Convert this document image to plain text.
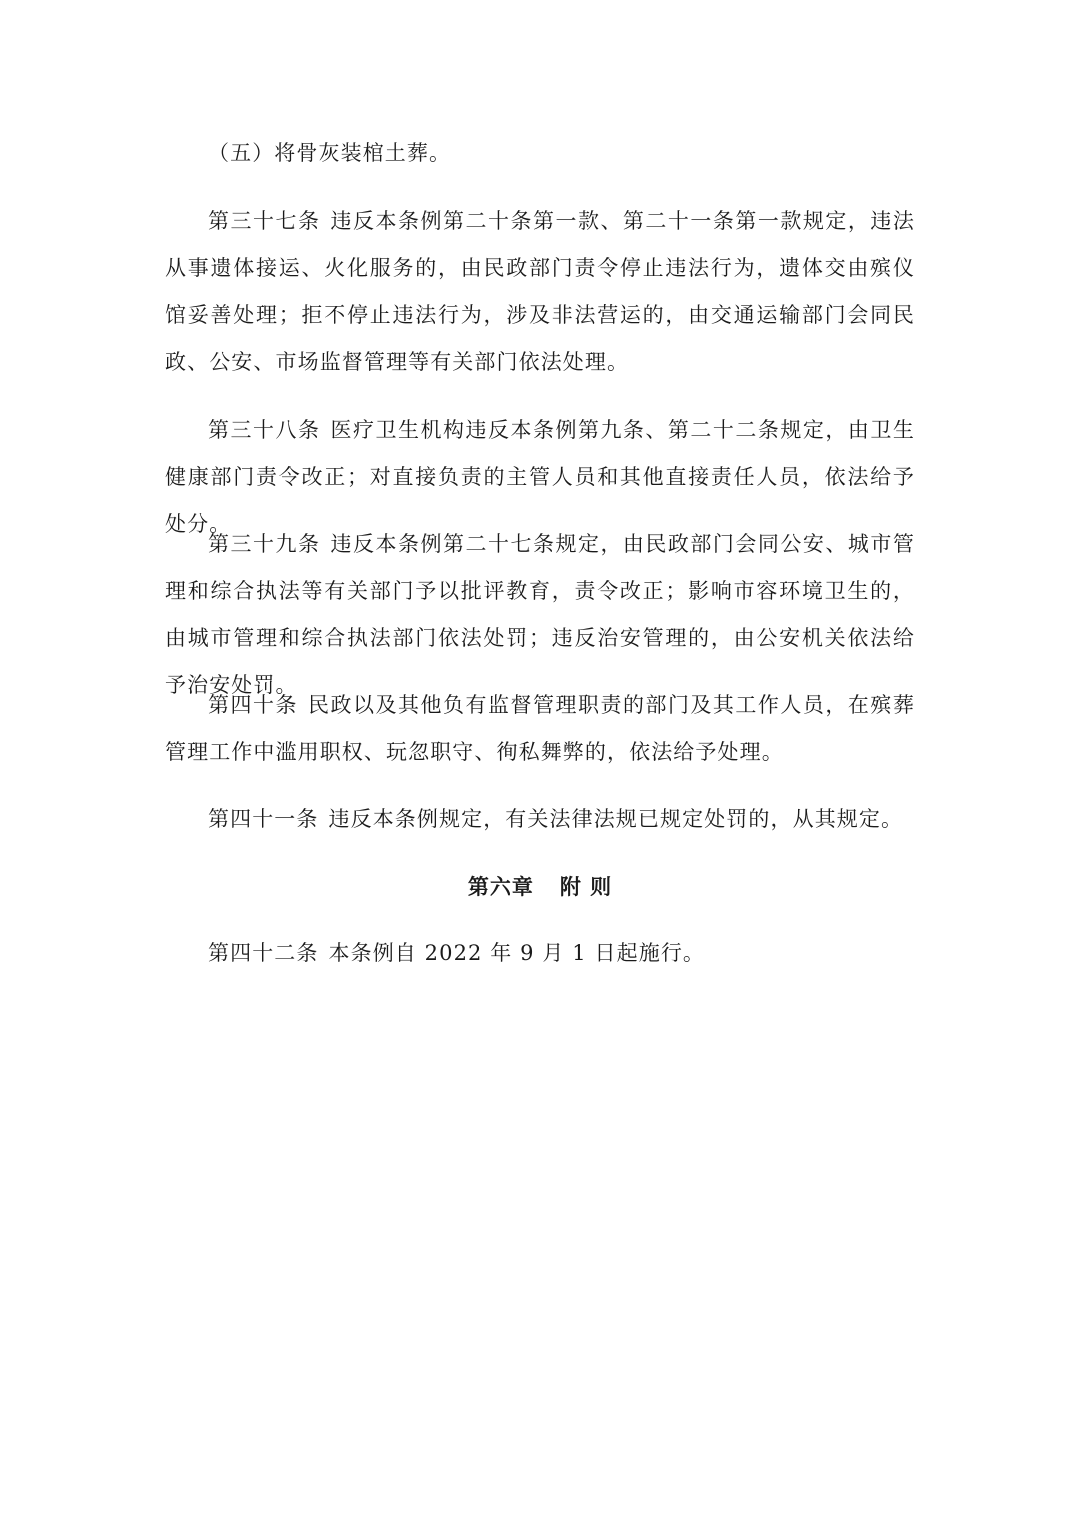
（五）将骨灰装棺土葬。

第三十七条 违反本条例第二十条第一款、第二十一条第一款规定，违法从事遗体接运、火化服务的，由民政部门责令停止违法行为，遗体交由殡仪馆妥善处理；拒不停止违法行为，涉及非法营运的，由交通运输部门会同民政、公安、市场监督管理等有关部门依法处理。

第三十八条 医疗卫生机构违反本条例第九条、第二十二条规定，由卫生健康部门责令改正；对直接负责的主管人员和其他直接责任人员，依法给予处分。

第三十九条 违反本条例第二十七条规定，由民政部门会同公安、城市管理和综合执法等有关部门予以批评教育，责令改正；影响市容环境卫生的，由城市管理和综合执法部门依法处罚；违反治安管理的，由公安机关依法给予治安处罚。

第四十条 民政以及其他负有监督管理职责的部门及其工作人员，在殡葬管理工作中滥用职权、玩忽职守、徇私舞弊的，依法给予处理。

第四十一条 违反本条例规定，有关法律法规已规定处罚的，从其规定。

第六章 附 则

第四十二条 本条例自 2022 年 9 月 1 日起施行。
